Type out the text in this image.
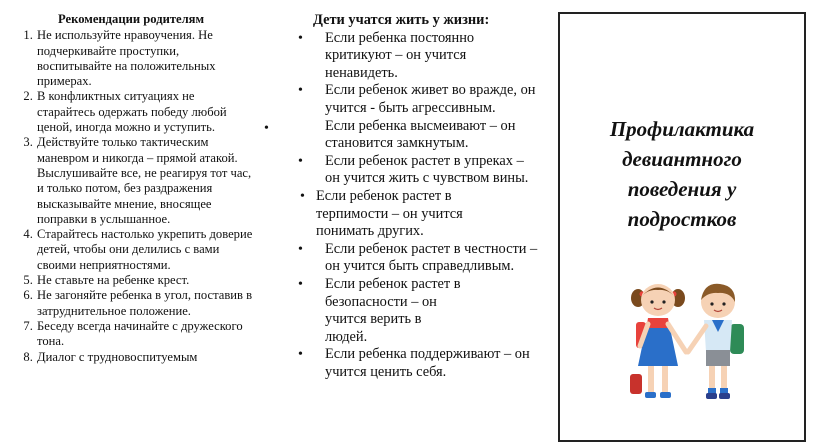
Рекомендации родителям
1. Не используйте нравоучения. Не подчеркивайте проступки, воспитывайте на положительных примерах.
2. В конфликтных ситуациях не старайтесь одержать победу любой ценой, иногда можно и уступить.
3. Действуйте только тактическим маневром и никогда – прямой атакой. Выслушивайте все, не реагируя тот час, и только потом, без раздражения высказывайте мнение, вносящее поправки в услышанное.
4. Старайтесь настолько укрепить доверие детей, чтобы они делились с вами своими неприятностями.
5. Не ставьте на ребенке крест.
6. Не загоняйте ребенка в угол, поставив в затруднительное положение.
7. Беседу всегда начинайте с дружеского тона.
8. Диалог с трудновоспитуемым
Дети учатся жить у жизни:
• Если ребенка постоянно критикуют – он учится ненавидеть.
• Если ребенок живет во вражде, он учится - быть агрессивным.
•	Если ребенка высмеивают – он становится замкнутым.
• Если ребенок растет в упреках – он учится жить с чувством вины.
• Если ребенок растет в терпимости – он учится понимать других.
• Если ребенок растет в честности – он учится быть справедливым.
• Если ребенок растет в безопасности – он учится верить в людей.
• Если ребенка поддерживают – он учится ценить себя.
Профилактика
девиантного
поведения у
подростков
